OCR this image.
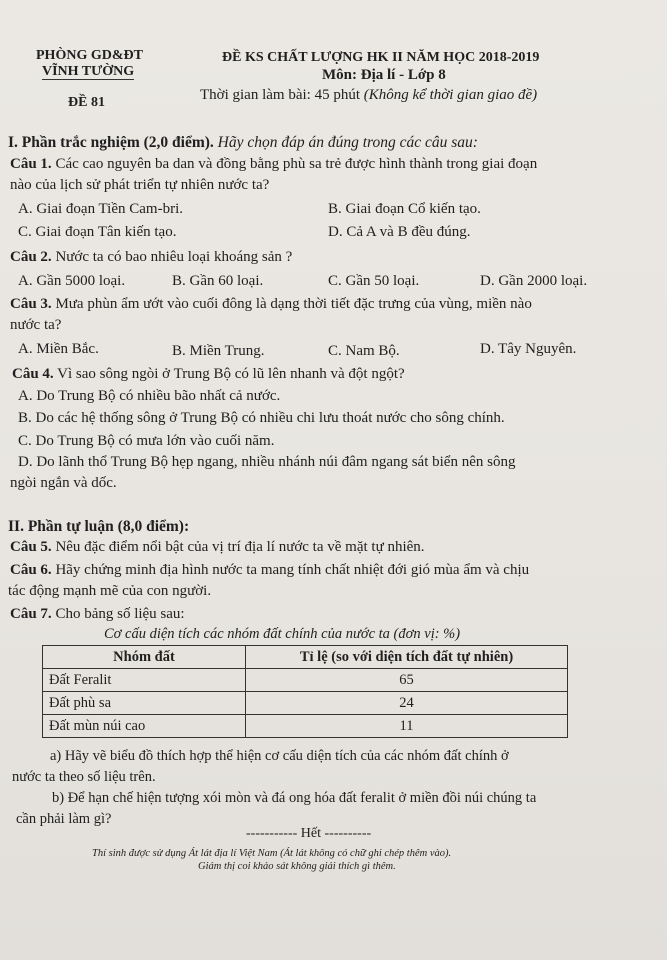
PHÒNG GD&ĐT
VĨNH TƯỜNG
ĐỀ 81
ĐỀ KS CHẤT LƯỢNG HK II NĂM HỌC 2018-2019
Môn: Địa lí - Lớp 8
Thời gian làm bài: 45 phút (Không kể thời gian giao đề)
I. Phần trắc nghiệm (2,0 điểm). Hãy chọn đáp án đúng trong các câu sau:
Câu 1. Các cao nguyên ba dan và đồng bằng phù sa trẻ được hình thành trong giai đoạn
nào của lịch sử phát triển tự nhiên nước ta?
A. Giai đoạn Tiền Cam-bri.	B. Giai đoạn Cổ kiến tạo.
C. Giai đoạn Tân kiến tạo.	D. Cả A và B đều đúng.
Câu 2. Nước ta có bao nhiêu loại khoáng sản ?
A. Gần 5000 loại.	B. Gần 60 loại.	C. Gần 50 loại.	D. Gần 2000 loại.
Câu 3. Mưa phùn ẩm ướt vào cuối đông là dạng thời tiết đặc trưng của vùng, miền nào
nước ta?
A. Miền Bắc.	B. Miền Trung.	C. Nam Bộ.	D. Tây Nguyên.
Câu 4. Vì sao sông ngòi ở Trung Bộ có lũ lên nhanh và đột ngột?
A. Do Trung Bộ có nhiều bão nhất cả nước.
B. Do các hệ thống sông ở Trung Bộ có nhiều chi lưu thoát nước cho sông chính.
C. Do Trung Bộ có mưa lớn vào cuối năm.
D. Do lãnh thổ Trung Bộ hẹp ngang, nhiều nhánh núi đâm ngang sát biển nên sông
ngòi ngắn và dốc.
II. Phần tự luận (8,0 điểm):
Câu 5. Nêu đặc điểm nổi bật của vị trí địa lí nước ta về mặt tự nhiên.
Câu 6. Hãy chứng minh địa hình nước ta mang tính chất nhiệt đới gió mùa ẩm và chịu
tác động mạnh mẽ của con người.
Câu 7. Cho bảng số liệu sau:
Cơ cấu diện tích các nhóm đất chính của nước ta (đơn vị: %)
Nhóm đất	Tỉ lệ (so với diện tích đất tự nhiên)
Đất Feralit	65
Đất phù sa	24
Đất mùn núi cao	11
a) Hãy vẽ biểu đồ thích hợp thể hiện cơ cấu diện tích của các nhóm đất chính ở
nước ta theo số liệu trên.
b) Để hạn chế hiện tượng xói mòn và đá ong hóa đất feralit ở miền đồi núi chúng ta
cần phải làm gì?
----------- Hết ----------
Thí sinh được sử dụng Át lát địa lí Việt Nam (Át lát không có chữ ghi chép thêm vào).
Giám thị coi khảo sát không giải thích gì thêm.
